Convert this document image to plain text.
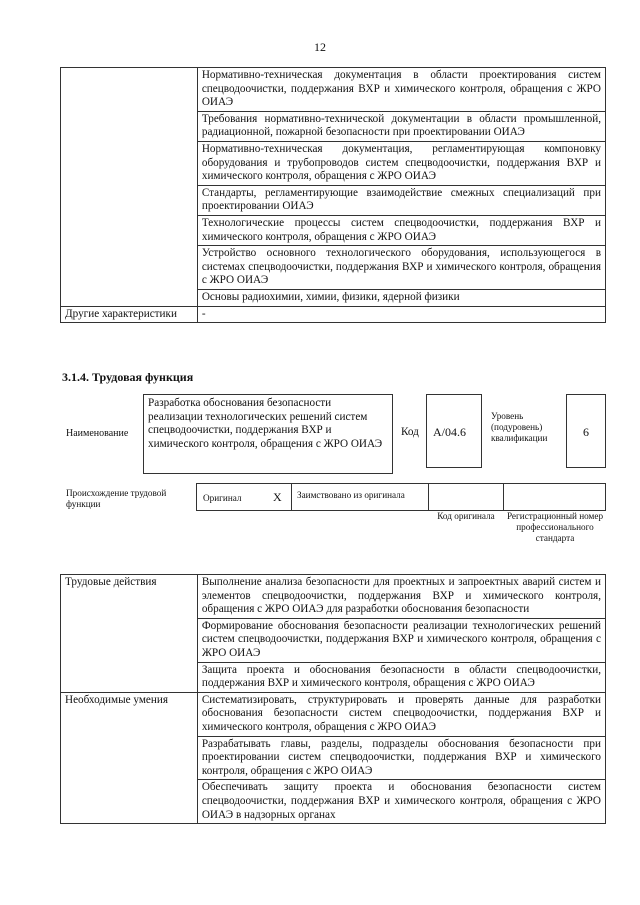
12
	Нормативно-техническая документация в области проектирования систем спецводоочистки, поддержания ВХР и химического контроля, обращения с ЖРО ОИАЭ
	Требования нормативно-технической документации в области промышленной, радиационной, пожарной безопасности при проектировании ОИАЭ
	Нормативно-техническая документация, регламентирующая компоновку оборудования и трубопроводов систем спецводоочистки, поддержания ВХР и химического контроля, обращения с ЖРО ОИАЭ
	Стандарты, регламентирующие взаимодействие смежных специализаций при проектировании ОИАЭ
	Технологические процессы систем спецводоочистки, поддержания ВХР и химического контроля, обращения с ЖРО ОИАЭ
	Устройство основного технологического оборудования, использующегося в системах спецводоочистки, поддержания ВХР и химического контроля, обращения с ЖРО ОИАЭ
	Основы радиохимии, химии, физики, ядерной физики
Другие характеристики	-
3.1.4. Трудовая функция
Наименование
Разработка обоснования безопасности реализации технологических решений систем спецводоочистки, поддержания ВХР и химического контроля, обращения с ЖРО ОИАЭ
Код	А/04.6
Уровень (подуровень) квалификации	6
Происхождение трудовой функции
Оригинал	Х Заимствовано из оригинала
Код оригинала Регистрационный номер профессионального стандарта
Трудовые действия	Выполнение анализа безопасности для проектных и запроектных аварий систем и элементов спецводоочистки, поддержания ВХР и химического контроля, обращения с ЖРО ОИАЭ для разработки обоснования безопасности
	Формирование обоснования безопасности реализации технологических решений систем спецводоочистки, поддержания ВХР и химического контроля, обращения с ЖРО ОИАЭ
	Защита проекта и обоснования безопасности в области спецводоочистки, поддержания ВХР и химического контроля, обращения с ЖРО ОИАЭ
Необходимые умения	Систематизировать, структурировать и проверять данные для разработки обоснования безопасности систем спецводоочистки, поддержания ВХР и химического контроля, обращения с ЖРО ОИАЭ
	Разрабатывать главы, разделы, подразделы обоснования безопасности при проектировании систем спецводоочистки, поддержания ВХР и химического контроля, обращения с ЖРО ОИАЭ
	Обеспечивать защиту проекта и обоснования безопасности систем спецводоочистки, поддержания ВХР и химического контроля, обращения с ЖРО ОИАЭ в надзорных органах
